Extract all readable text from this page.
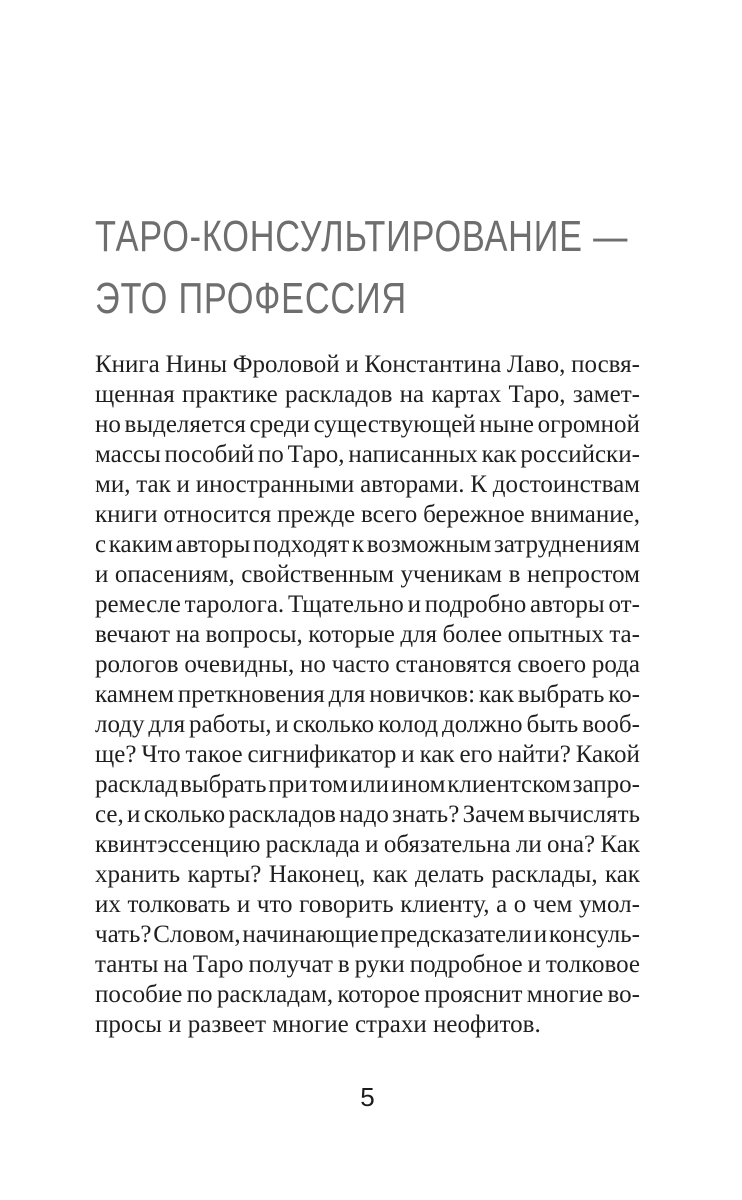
ТАРО-КОНСУЛЬТИРОВАНИЕ —
ЭТО ПРОФЕССИЯ
Книга Нины Фроловой и Константина Лаво, посвя-
щенная практике раскладов на картах Таро, замет-
но выделяется среди существующей ныне огромной
массы пособий по Таро, написанных как российски-
ми, так и иностранными авторами. К достоинствам
книги относится прежде всего бережное внимание,
с каким авторы подходят к возможным затруднениям
и опасениям, свойственным ученикам в непростом
ремесле таролога. Тщательно и подробно авторы от-
вечают на вопросы, которые для более опытных та-
рологов очевидны, но часто становятся своего рода
камнем преткновения для новичков: как выбрать ко-
лоду для работы, и сколько колод должно быть вооб-
ще? Что такое сигнификатор и как его найти? Какой
расклад выбрать при том или ином клиентском запро-
се, и сколько раскладов надо знать? Зачем вычислять
квинтэссенцию расклада и обязательна ли она? Как
хранить карты? Наконец, как делать расклады, как
их толковать и что говорить клиенту, а о чем умол-
чать? Словом, начинающие предсказатели и консуль-
танты на Таро получат в руки подробное и толковое
пособие по раскладам, которое прояснит многие во-
просы и развеет многие страхи неофитов.
5
